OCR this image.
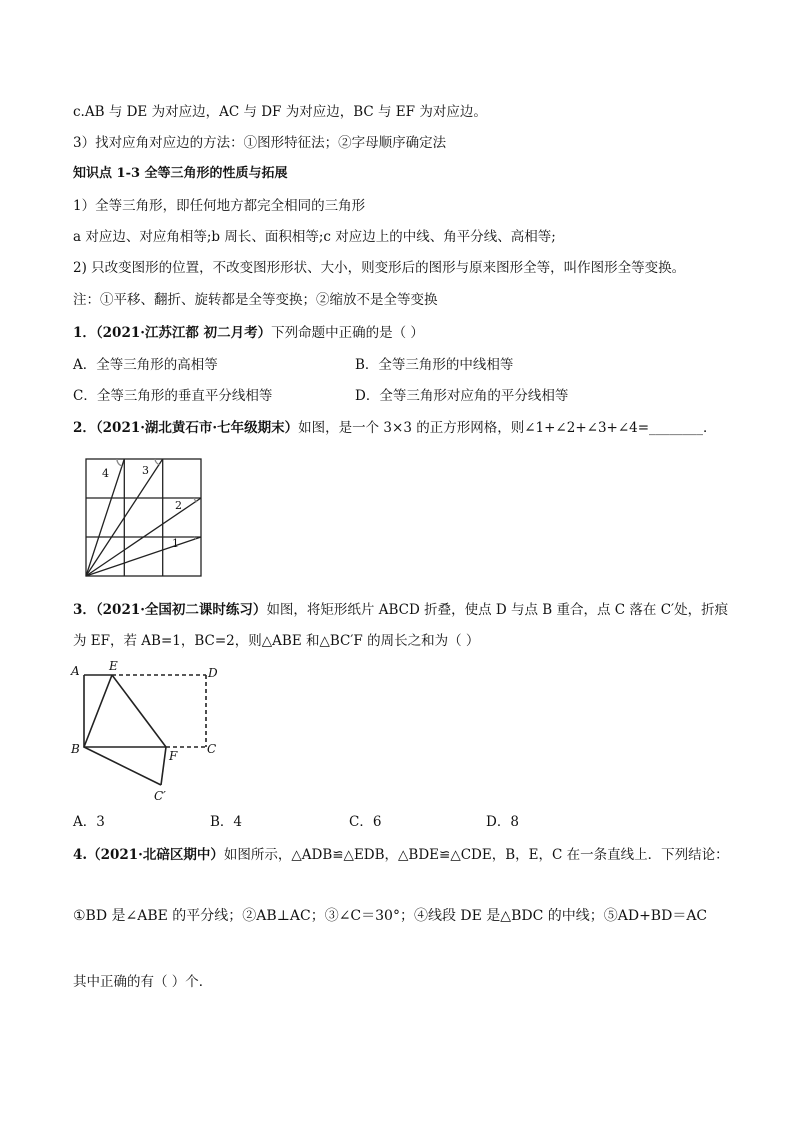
c.AB 与 DE 为对应边，AC 与 DF 为对应边，BC 与 EF 为对应边。
3）找对应角对应边的方法：①图形特征法；②字母顺序确定法
知识点 1-3 全等三角形的性质与拓展
1）全等三角形，即任何地方都完全相同的三角形
a 对应边、对应角相等;b 周长、面积相等;c 对应边上的中线、角平分线、高相等;
2) 只改变图形的位置，不改变图形形状、大小，则变形后的图形与原来图形全等，叫作图形全等变换。
注：①平移、翻折、旋转都是全等变换；②缩放不是全等变换
1．（2021·江苏江都 初二月考）下列命题中正确的是（ ）
A．全等三角形的高相等	B．全等三角形的中线相等
C．全等三角形的垂直平分线相等	D．全等三角形对应角的平分线相等
2．（2021·湖北黄石市·七年级期末）如图，是一个 3×3 的正方形网格，则∠1+∠2+∠3+∠4=________．
4	3
2
1
3．（2021·全国初二课时练习）如图，将矩形纸片 ABCD 折叠，使点 D 与点 B 重合，点 C 落在 C′处，折痕
为 EF，若 AB=1，BC=2，则△ABE 和△BC′F 的周长之和为（ ）
A E	D
B	F C
C′
A．3	B．4	C．6	D．8
4.（2021·北碚区期中）如图所示，△ADB≌△EDB，△BDE≌△CDE，B，E，C 在一条直线上．下列结论：
①BD 是∠ABE 的平分线；②AB⊥AC；③∠C＝30°；④线段 DE 是△BDC 的中线；⑤AD+BD＝AC
其中正确的有（ ）个．
